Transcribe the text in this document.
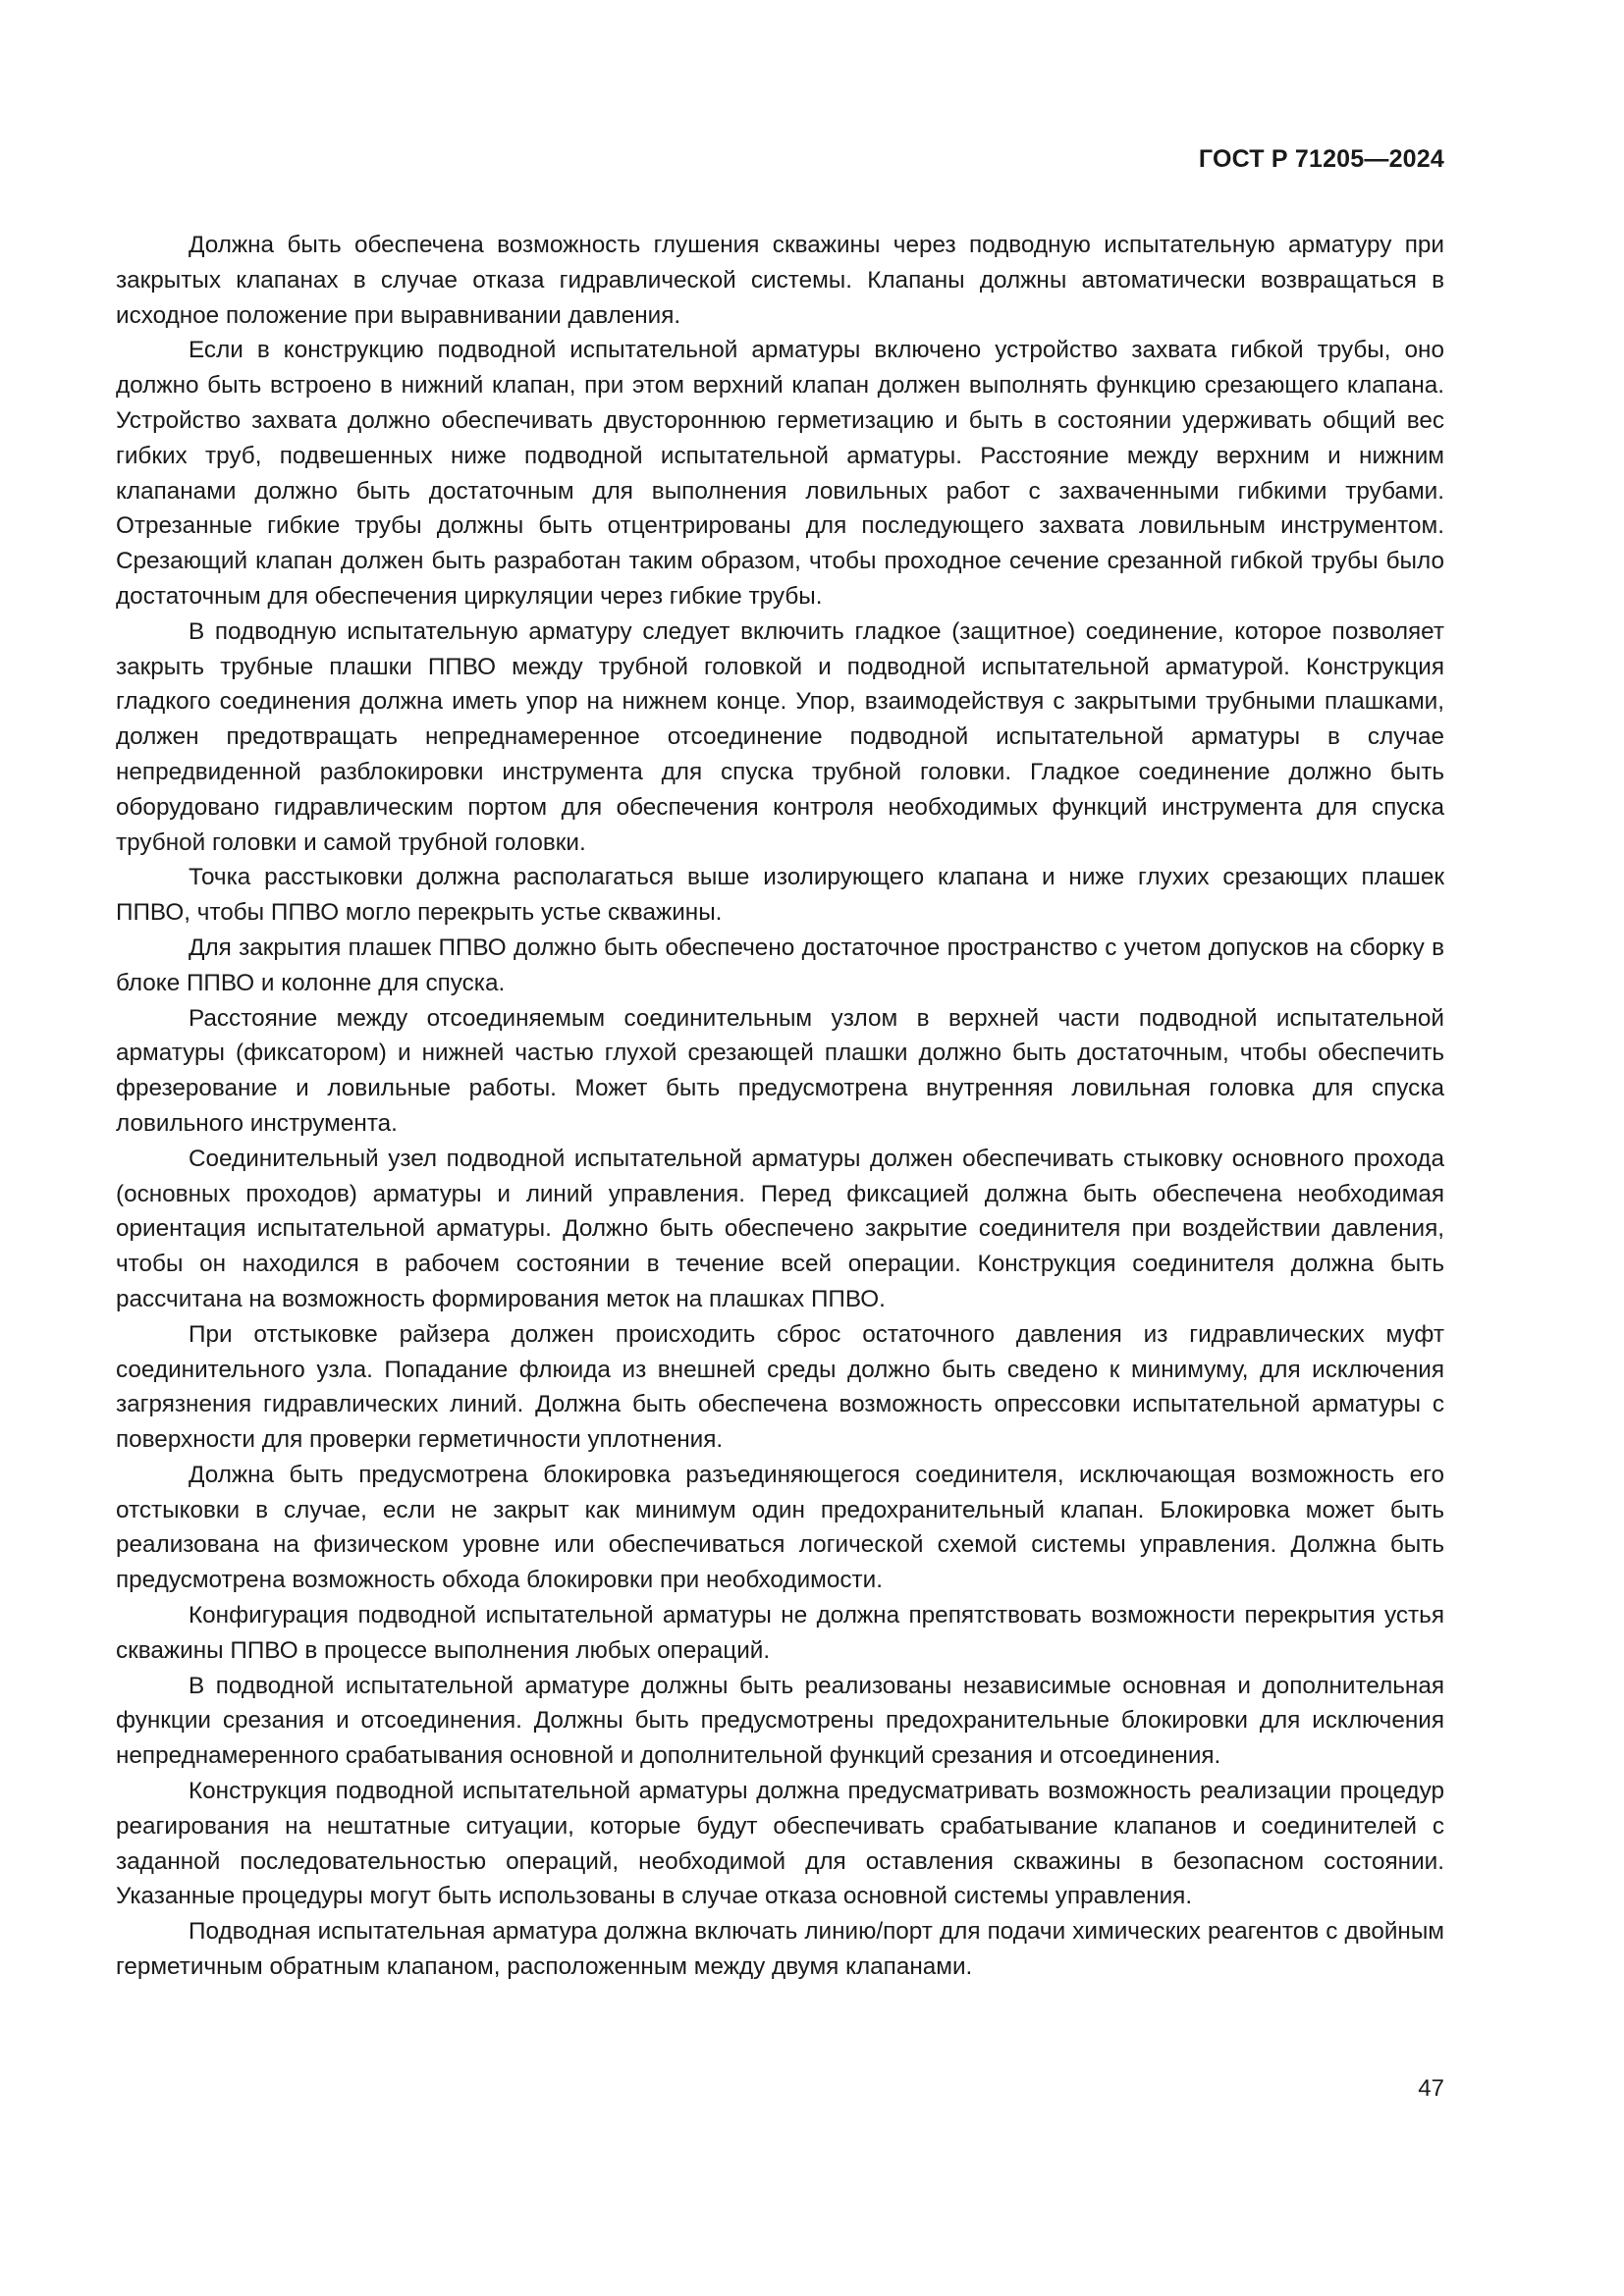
ГОСТ Р 71205—2024

Должна быть обеспечена возможность глушения скважины через подводную испытательную арматуру при закрытых клапанах в случае отказа гидравлической системы. Клапаны должны автоматически возвращаться в исходное положение при выравнивании давления.

Если в конструкцию подводной испытательной арматуры включено устройство захвата гибкой трубы, оно должно быть встроено в нижний клапан, при этом верхний клапан должен выполнять функцию срезающего клапана. Устройство захвата должно обеспечивать двустороннюю герметизацию и быть в состоянии удерживать общий вес гибких труб, подвешенных ниже подводной испытательной арматуры. Расстояние между верхним и нижним клапанами должно быть достаточным для выполнения ловильных работ с захваченными гибкими трубами. Отрезанные гибкие трубы должны быть отцентрированы для последующего захвата ловильным инструментом. Срезающий клапан должен быть разработан таким образом, чтобы проходное сечение срезанной гибкой трубы было достаточным для обеспечения циркуляции через гибкие трубы.

В подводную испытательную арматуру следует включить гладкое (защитное) соединение, которое позволяет закрыть трубные плашки ППВО между трубной головкой и подводной испытательной арматурой. Конструкция гладкого соединения должна иметь упор на нижнем конце. Упор, взаимодействуя с закрытыми трубными плашками, должен предотвращать непреднамеренное отсоединение подводной испытательной арматуры в случае непредвиденной разблокировки инструмента для спуска трубной головки. Гладкое соединение должно быть оборудовано гидравлическим портом для обеспечения контроля необходимых функций инструмента для спуска трубной головки и самой трубной головки.

Точка расстыковки должна располагаться выше изолирующего клапана и ниже глухих срезающих плашек ППВО, чтобы ППВО могло перекрыть устье скважины.

Для закрытия плашек ППВО должно быть обеспечено достаточное пространство с учетом допусков на сборку в блоке ППВО и колонне для спуска.

Расстояние между отсоединяемым соединительным узлом в верхней части подводной испытательной арматуры (фиксатором) и нижней частью глухой срезающей плашки должно быть достаточным, чтобы обеспечить фрезерование и ловильные работы. Может быть предусмотрена внутренняя ловильная головка для спуска ловильного инструмента.

Соединительный узел подводной испытательной арматуры должен обеспечивать стыковку основного прохода (основных проходов) арматуры и линий управления. Перед фиксацией должна быть обеспечена необходимая ориентация испытательной арматуры. Должно быть обеспечено закрытие соединителя при воздействии давления, чтобы он находился в рабочем состоянии в течение всей операции. Конструкция соединителя должна быть рассчитана на возможность формирования меток на плашках ППВО.

При отстыковке райзера должен происходить сброс остаточного давления из гидравлических муфт соединительного узла. Попадание флюида из внешней среды должно быть сведено к минимуму, для исключения загрязнения гидравлических линий. Должна быть обеспечена возможность опрессовки испытательной арматуры с поверхности для проверки герметичности уплотнения.

Должна быть предусмотрена блокировка разъединяющегося соединителя, исключающая возможность его отстыковки в случае, если не закрыт как минимум один предохранительный клапан. Блокировка может быть реализована на физическом уровне или обеспечиваться логической схемой системы управления. Должна быть предусмотрена возможность обхода блокировки при необходимости.

Конфигурация подводной испытательной арматуры не должна препятствовать возможности перекрытия устья скважины ППВО в процессе выполнения любых операций.

В подводной испытательной арматуре должны быть реализованы независимые основная и дополнительная функции срезания и отсоединения. Должны быть предусмотрены предохранительные блокировки для исключения непреднамеренного срабатывания основной и дополнительной функций срезания и отсоединения.

Конструкция подводной испытательной арматуры должна предусматривать возможность реализации процедур реагирования на нештатные ситуации, которые будут обеспечивать срабатывание клапанов и соединителей с заданной последовательностью операций, необходимой для оставления скважины в безопасном состоянии. Указанные процедуры могут быть использованы в случае отказа основной системы управления.

Подводная испытательная арматура должна включать линию/порт для подачи химических реагентов с двойным герметичным обратным клапаном, расположенным между двумя клапанами.

47
